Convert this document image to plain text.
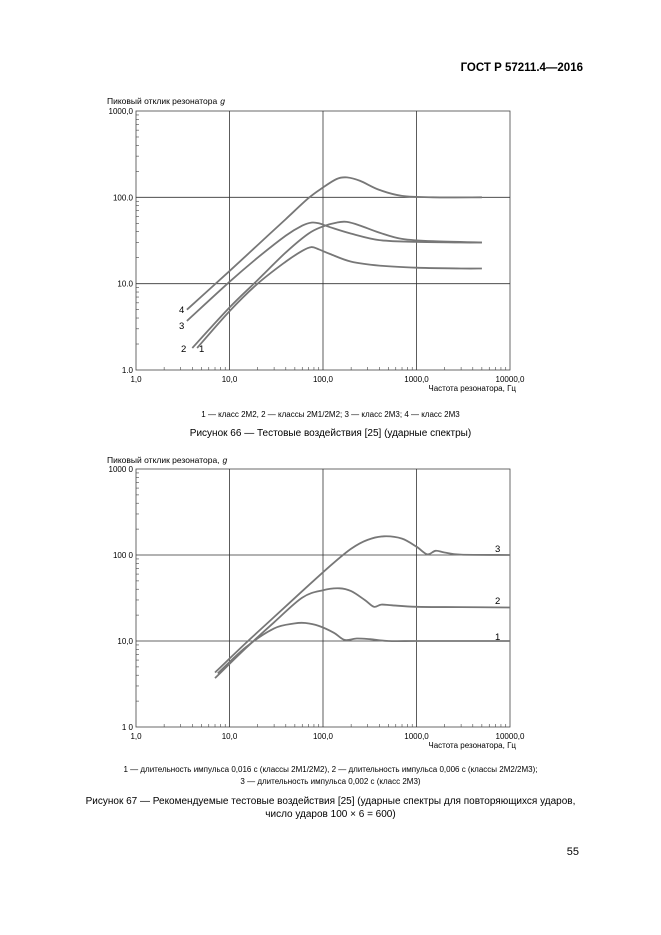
ГОСТ Р 57211.4—2016
Пиковый отклик резонатора g
1.0
10.0
100.0
1000,0
1,0	10,0	100,0	1000,0	10000,0
Частота резонатора, Гц
1
2
3
4
1 — класс 2М2, 2 — классы 2М1/2М2; 3 — класс 2М3; 4 — класс 2М3
Рисунок 66 — Тестовые воздействия [25] (ударные спектры)
Пиковый отклик резонатора, g
1 0
10,0
100 0
1000 0
1,0	10,0	100,0	1000,0	10000,0
Частота резонатора, Гц
1
2
3
1 — длительность импульса 0,016 с (классы 2М1/2М2), 2 — длительность импульса 0,006 с (классы 2М2/2М3);
3 — длительность импульса 0,002 с (класс 2М3)
Рисунок 67 — Рекомендуемые тестовые воздействия [25] (ударные спектры для повторяющихся ударов,
число ударов 100 × 6 = 600)
55
